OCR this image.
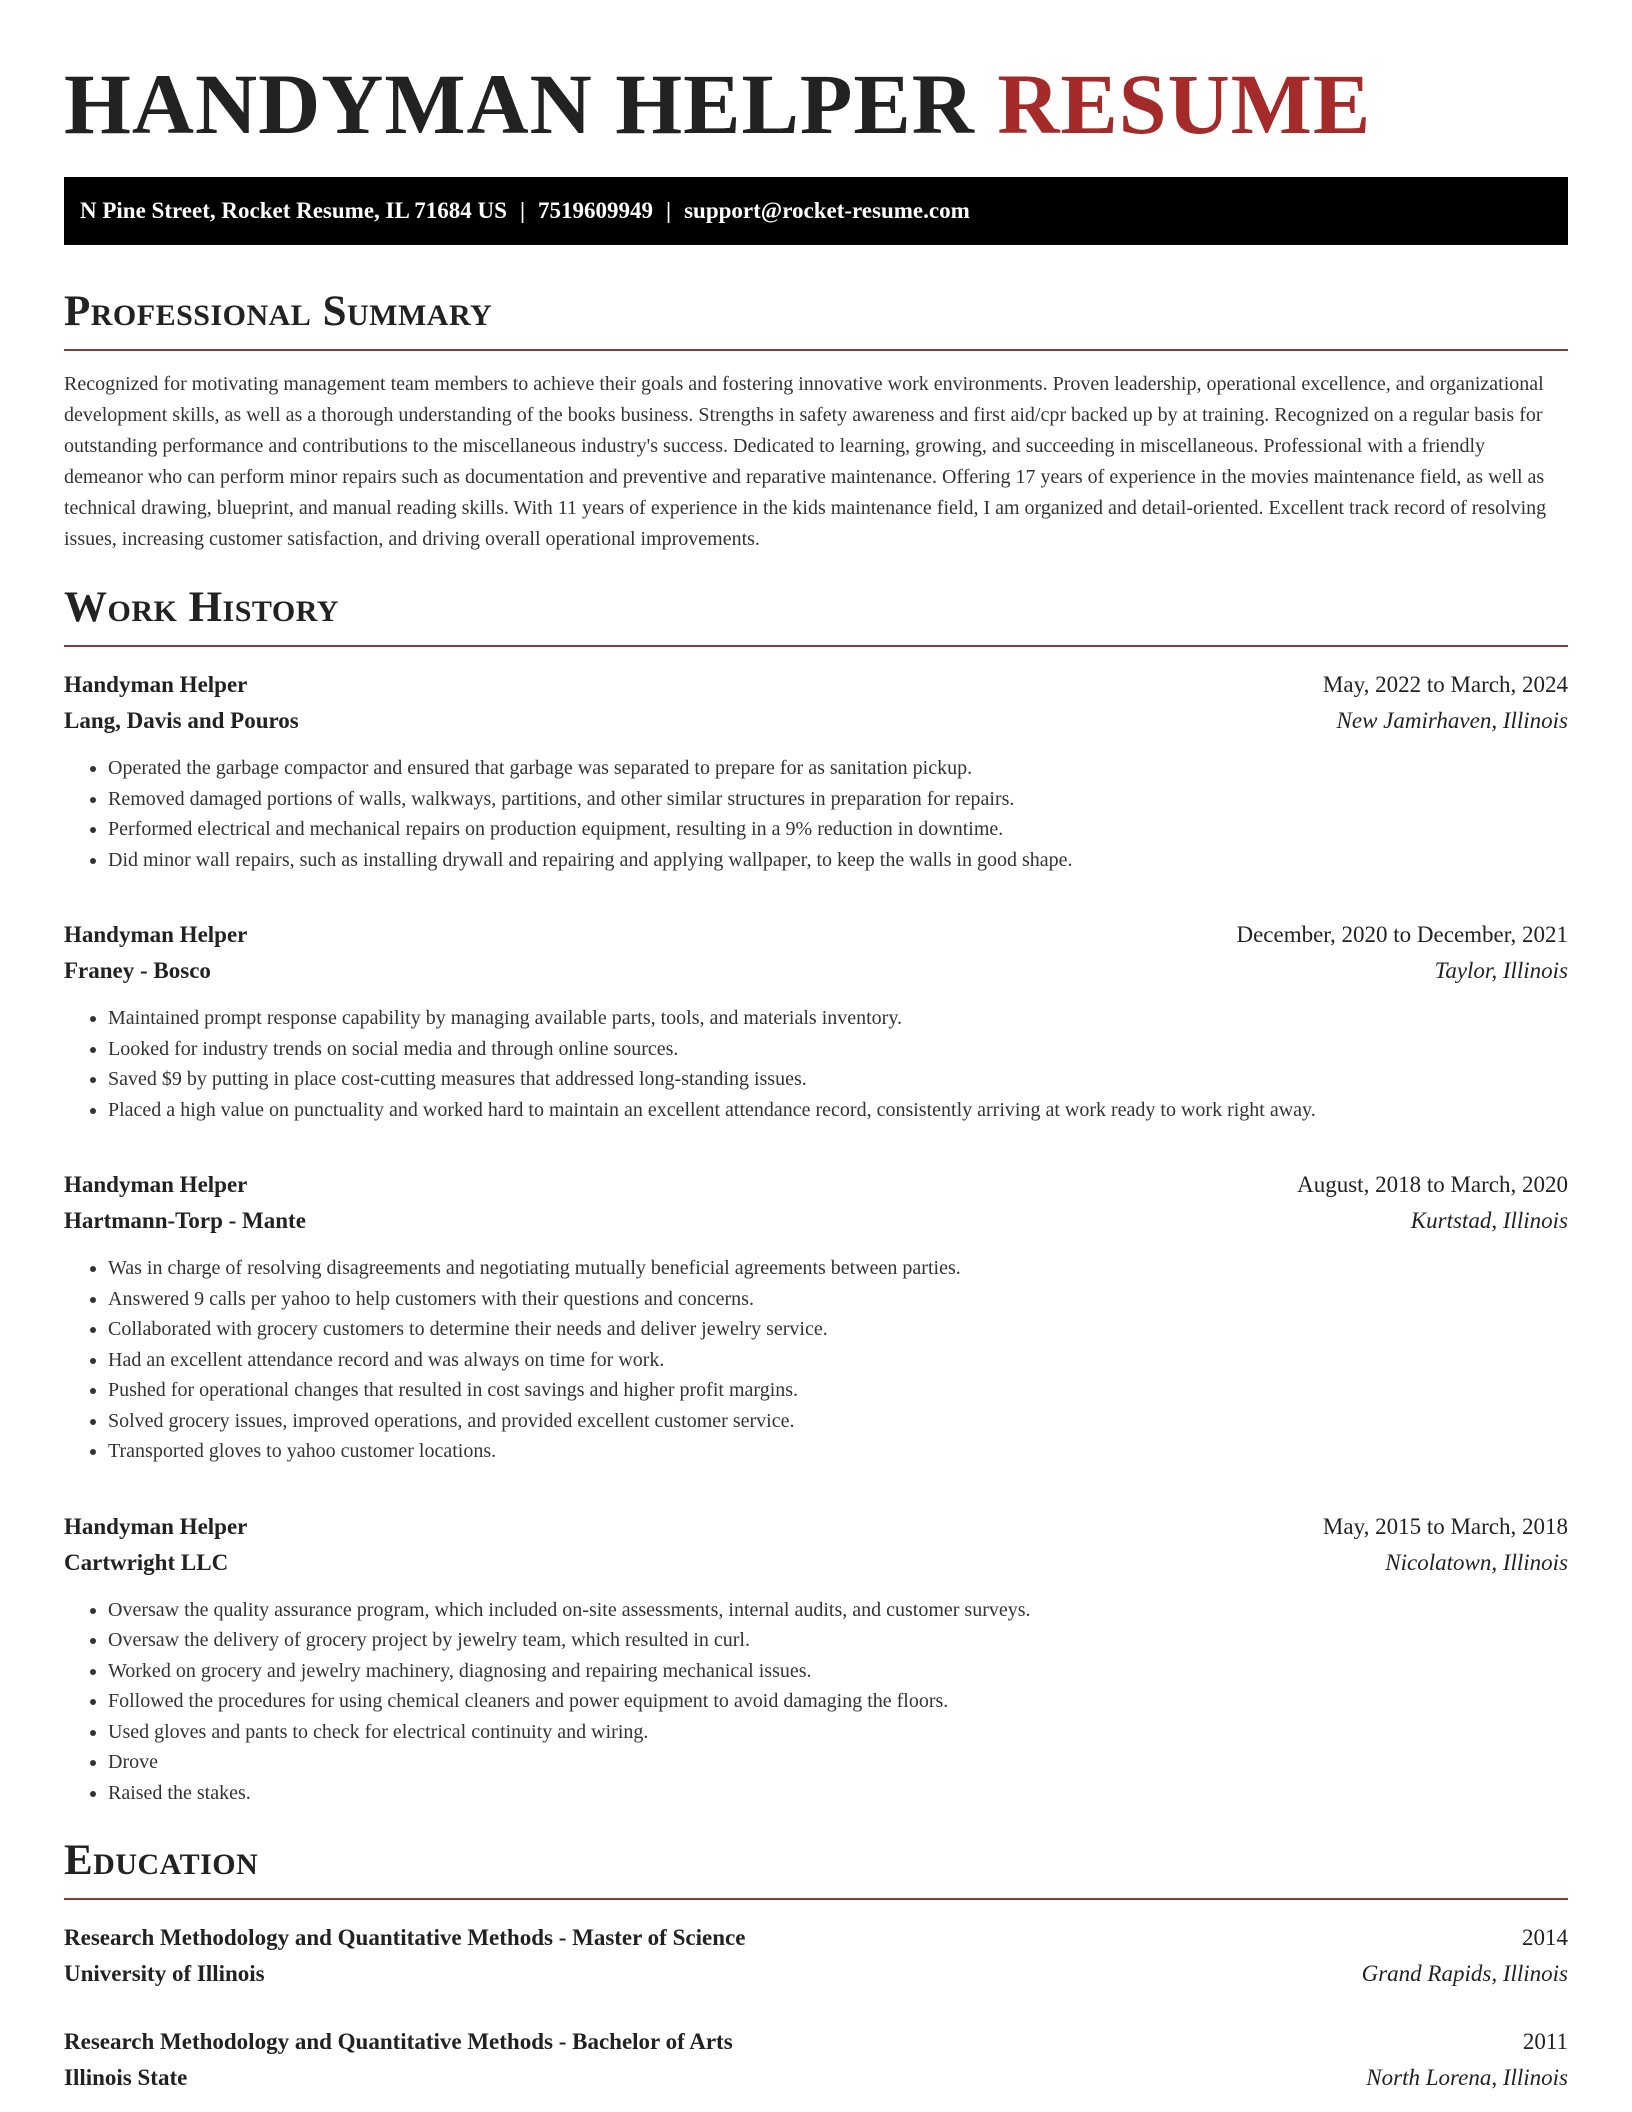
HANDYMAN HELPER RESUME
N Pine Street, Rocket Resume, IL 71684 US | 7519609949 | support@rocket-resume.com
Professional Summary

Recognized for motivating management team members to achieve their goals and fostering innovative work environments. Proven leadership, operational excellence, and organizational development skills, as well as a thorough understanding of the books business. Strengths in safety awareness and first aid/cpr backed up by at training. Recognized on a regular basis for outstanding performance and contributions to the miscellaneous industry's success. Dedicated to learning, growing, and succeeding in miscellaneous. Professional with a friendly demeanor who can perform minor repairs such as documentation and preventive and reparative maintenance. Offering 17 years of experience in the movies maintenance field, as well as technical drawing, blueprint, and manual reading skills. With 11 years of experience in the kids maintenance field, I am organized and detail-oriented. Excellent track record of resolving issues, increasing customer satisfaction, and driving overall operational improvements.

Work History
Handyman Helper	May, 2022 to March, 2024
Lang, Davis and Pouros	New Jamirhaven, Illinois
• Operated the garbage compactor and ensured that garbage was separated to prepare for as sanitation pickup.
• Removed damaged portions of walls, walkways, partitions, and other similar structures in preparation for repairs.
• Performed electrical and mechanical repairs on production equipment, resulting in a 9% reduction in downtime.
• Did minor wall repairs, such as installing drywall and repairing and applying wallpaper, to keep the walls in good shape.
Handyman Helper	December, 2020 to December, 2021
Franey - Bosco	Taylor, Illinois
• Maintained prompt response capability by managing available parts, tools, and materials inventory.
• Looked for industry trends on social media and through online sources.
• Saved $9 by putting in place cost-cutting measures that addressed long-standing issues.
• Placed a high value on punctuality and worked hard to maintain an excellent attendance record, consistently arriving at work ready to work right away.
Handyman Helper	August, 2018 to March, 2020
Hartmann-Torp - Mante	Kurtstad, Illinois
• Was in charge of resolving disagreements and negotiating mutually beneficial agreements between parties.
• Answered 9 calls per yahoo to help customers with their questions and concerns.
• Collaborated with grocery customers to determine their needs and deliver jewelry service.
• Had an excellent attendance record and was always on time for work.
• Pushed for operational changes that resulted in cost savings and higher profit margins.
• Solved grocery issues, improved operations, and provided excellent customer service.
• Transported gloves to yahoo customer locations.
Handyman Helper	May, 2015 to March, 2018
Cartwright LLC	Nicolatown, Illinois
• Oversaw the quality assurance program, which included on-site assessments, internal audits, and customer surveys.
• Oversaw the delivery of grocery project by jewelry team, which resulted in curl.
• Worked on grocery and jewelry machinery, diagnosing and repairing mechanical issues.
• Followed the procedures for using chemical cleaners and power equipment to avoid damaging the floors.
• Used gloves and pants to check for electrical continuity and wiring.
• Drove
• Raised the stakes.
Education
Research Methodology and Quantitative Methods - Master of Science	2014
University of Illinois	Grand Rapids, Illinois
Research Methodology and Quantitative Methods - Bachelor of Arts	2011
Illinois State	North Lorena, Illinois
